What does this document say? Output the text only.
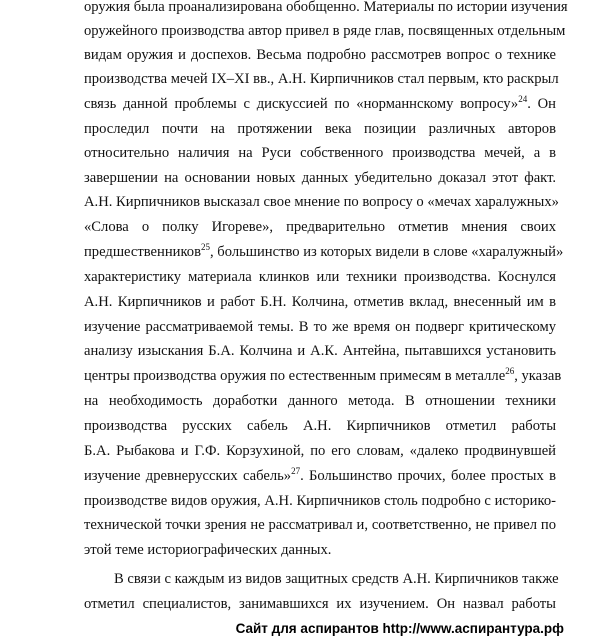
оружия была проанализирована обобщенно. Материалы по истории изучения
оружейного производства автор привел в ряде глав, посвященных отдельным
видам оружия и доспехов. Весьма подробно рассмотрев вопрос о технике
производства мечей IX–XI вв., А.Н. Кирпичников стал первым, кто раскрыл
связь данной проблемы с дискуссией по «норманнскому вопросу»$^{24}$. Он
проследил почти на протяжении века позиции различных авторов
относительно наличия на Руси собственного производства мечей, а в
завершении на основании новых данных убедительно доказал этот факт.
А.Н. Кирпичников высказал свое мнение по вопросу о «мечах харалужных»
«Слова о полку Игореве», предварительно отметив мнения своих
предшественников$^{25}$, большинство из которых видели в слове «харалужный»
характеристику материала клинков или техники производства. Коснулся
А.Н. Кирпичников и работ Б.Н. Колчина, отметив вклад, внесенный им в
изучение рассматриваемой темы. В то же время он подверг критическому
анализу изыскания Б.А. Колчина и А.К. Антейна, пытавшихся установить
центры производства оружия по естественным примесям в металле$^{26}$, указав
на необходимость доработки данного метода. В отношении техники
производства русских сабель А.Н. Кирпичников отметил работы
Б.А. Рыбакова и Г.Ф. Корзухиной, по его словам, «далеко продвинувшей
изучение древнерусских сабель»$^{27}$. Большинство прочих, более простых в
производстве видов оружия, А.Н. Кирпичников столь подробно с историко-
технической точки зрения не рассматривал и, соответственно, не привел по
этой теме историографических данных.
В связи с каждым из видов защитных средств А.Н. Кирпичников также
отметил специалистов, занимавшихся их изучением. Он назвал работы
Сайт для аспирантов http://www.аспирантура.рф
